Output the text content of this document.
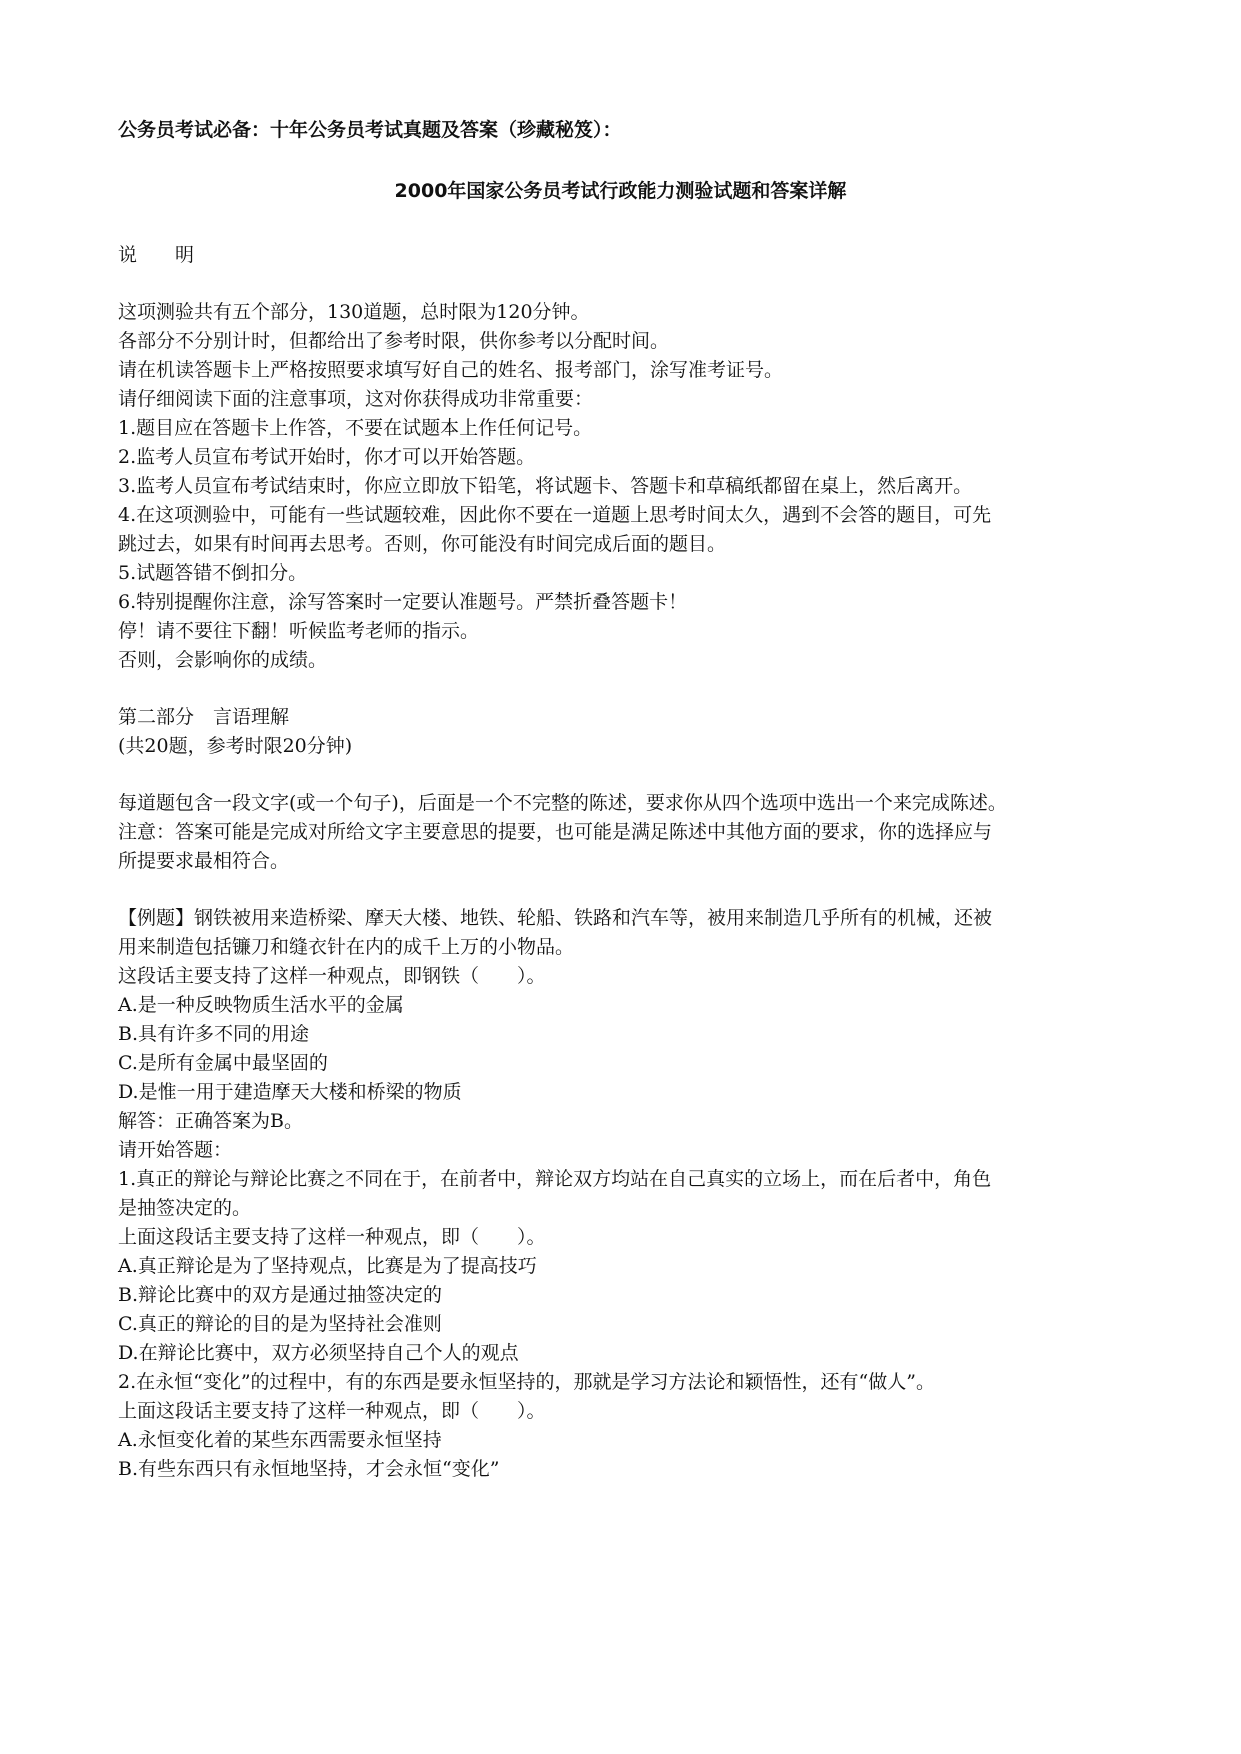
公务员考试必备：十年公务员考试真题及答案（珍藏秘笈）：
2000年国家公务员考试行政能力测验试题和答案详解
说　　明
这项测验共有五个部分，130道题，总时限为120分钟。
各部分不分别计时，但都给出了参考时限，供你参考以分配时间。
请在机读答题卡上严格按照要求填写好自己的姓名、报考部门，涂写准考证号。
请仔细阅读下面的注意事项，这对你获得成功非常重要：
1.题目应在答题卡上作答，不要在试题本上作任何记号。
2.监考人员宣布考试开始时，你才可以开始答题。
3.监考人员宣布考试结束时，你应立即放下铅笔，将试题卡、答题卡和草稿纸都留在桌上，然后离开。
4.在这项测验中，可能有一些试题较难，因此你不要在一道题上思考时间太久，遇到不会答的题目，可先
跳过去，如果有时间再去思考。否则，你可能没有时间完成后面的题目。
5.试题答错不倒扣分。
6.特别提醒你注意，涂写答案时一定要认准题号。严禁折叠答题卡！
停！请不要往下翻！听候监考老师的指示。
否则，会影响你的成绩。
第二部分　言语理解
(共20题，参考时限20分钟)
每道题包含一段文字(或一个句子)，后面是一个不完整的陈述，要求你从四个选项中选出一个来完成陈述。
注意：答案可能是完成对所给文字主要意思的提要，也可能是满足陈述中其他方面的要求，你的选择应与
所提要求最相符合。
【例题】钢铁被用来造桥梁、摩天大楼、地铁、轮船、铁路和汽车等，被用来制造几乎所有的机械，还被
用来制造包括镰刀和缝衣针在内的成千上万的小物品。
这段话主要支持了这样一种观点，即钢铁（　　）。
A.是一种反映物质生活水平的金属
B.具有许多不同的用途
C.是所有金属中最坚固的
D.是惟一用于建造摩天大楼和桥梁的物质
解答：正确答案为B。
请开始答题：
1.真正的辩论与辩论比赛之不同在于，在前者中，辩论双方均站在自己真实的立场上，而在后者中，角色
是抽签决定的。
上面这段话主要支持了这样一种观点，即（　　）。
A.真正辩论是为了坚持观点，比赛是为了提高技巧
B.辩论比赛中的双方是通过抽签决定的
C.真正的辩论的目的是为坚持社会准则
D.在辩论比赛中，双方必须坚持自己个人的观点
2.在永恒“变化”的过程中，有的东西是要永恒坚持的，那就是学习方法论和颖悟性，还有“做人”。
上面这段话主要支持了这样一种观点，即（　　）。
A.永恒变化着的某些东西需要永恒坚持
B.有些东西只有永恒地坚持，才会永恒“变化”
